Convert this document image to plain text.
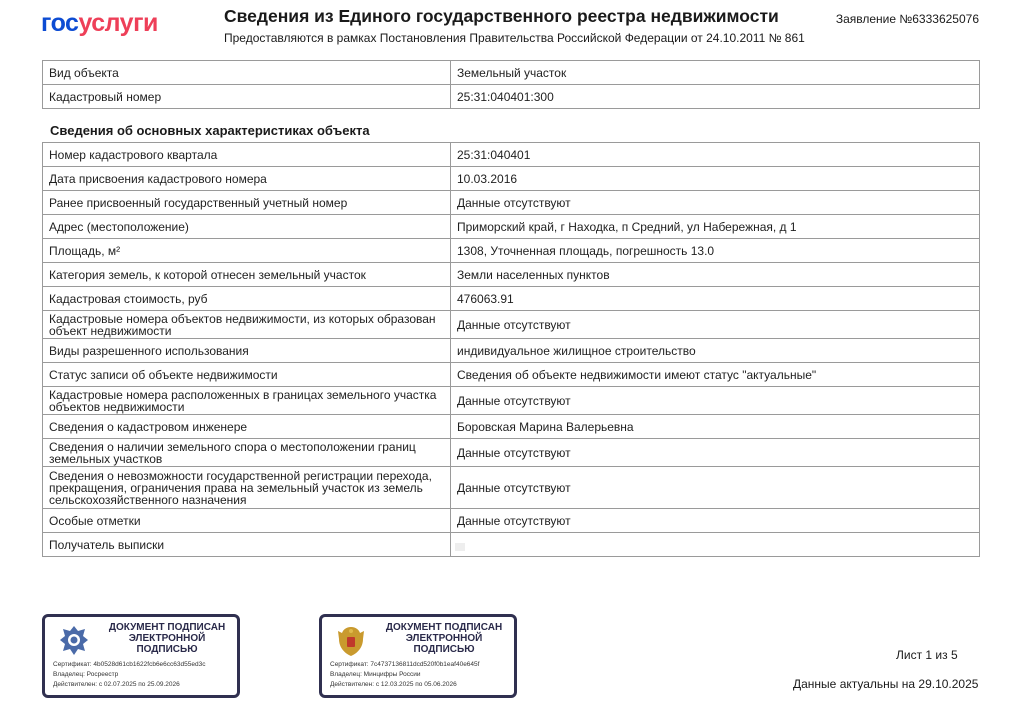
госуслуги	Сведения из Единого государственного реестра недвижимости
Предоставляются в рамках Постановления Правительства Российской Федерации от 24.10.2011 № 861
Заявление №6333625076
Вид объекта	Земельный участок
Кадастровый номер	25:31:040401:300
Сведения об основных характеристиках объекта
Номер кадастрового квартала	25:31:040401
Дата присвоения кадастрового номера	10.03.2016
Ранее присвоенный государственный учетный номер	Данные отсутствуют
Адрес (местоположение)	Приморский край, г Находка, п Средний, ул Набережная, д 1
Площадь, м²	1308, Уточненная площадь, погрешность 13.0
Категория земель, к которой отнесен земельный участок	Земли населенных пунктов
Кадастровая стоимость, руб	476063.91
Кадастровые номера объектов недвижимости, из которых образован объект недвижимости	Данные отсутствуют
Виды разрешенного использования	индивидуальное жилищное строительство
Статус записи об объекте недвижимости	Сведения об объекте недвижимости имеют статус "актуальные"
Кадастровые номера расположенных в границах земельного участка объектов недвижимости	Данные отсутствуют
Сведения о кадастровом инженере	Боровская Марина Валерьевна
Сведения о наличии земельного спора о местоположении границ земельных участков	Данные отсутствуют
Сведения о невозможности государственной регистрации перехода, прекращения, ограничения права на земельный участок из земель сельскохозяйственного назначения	Данные отсутствуют
Особые отметки	Данные отсутствуют
Получатель выписки	
ДОКУМЕНТ ПОДПИСАН ЭЛЕКТРОННОЙ ПОДПИСЬЮ
Сертификат: 4b0528d61cb1622fcb6e6cc63d55ed3c
Владелец: Росреестр
Действителен: с 02.07.2025 по 25.09.2026
ДОКУМЕНТ ПОДПИСАН ЭЛЕКТРОННОЙ ПОДПИСЬЮ
Сертификат: 7c4737136811dcd520f0b1eaf40e645f
Владелец: Минцифры России
Действителен: с 12.03.2025 по 05.06.2026
Лист 1 из 5
Данные актуальны на 29.10.2025
